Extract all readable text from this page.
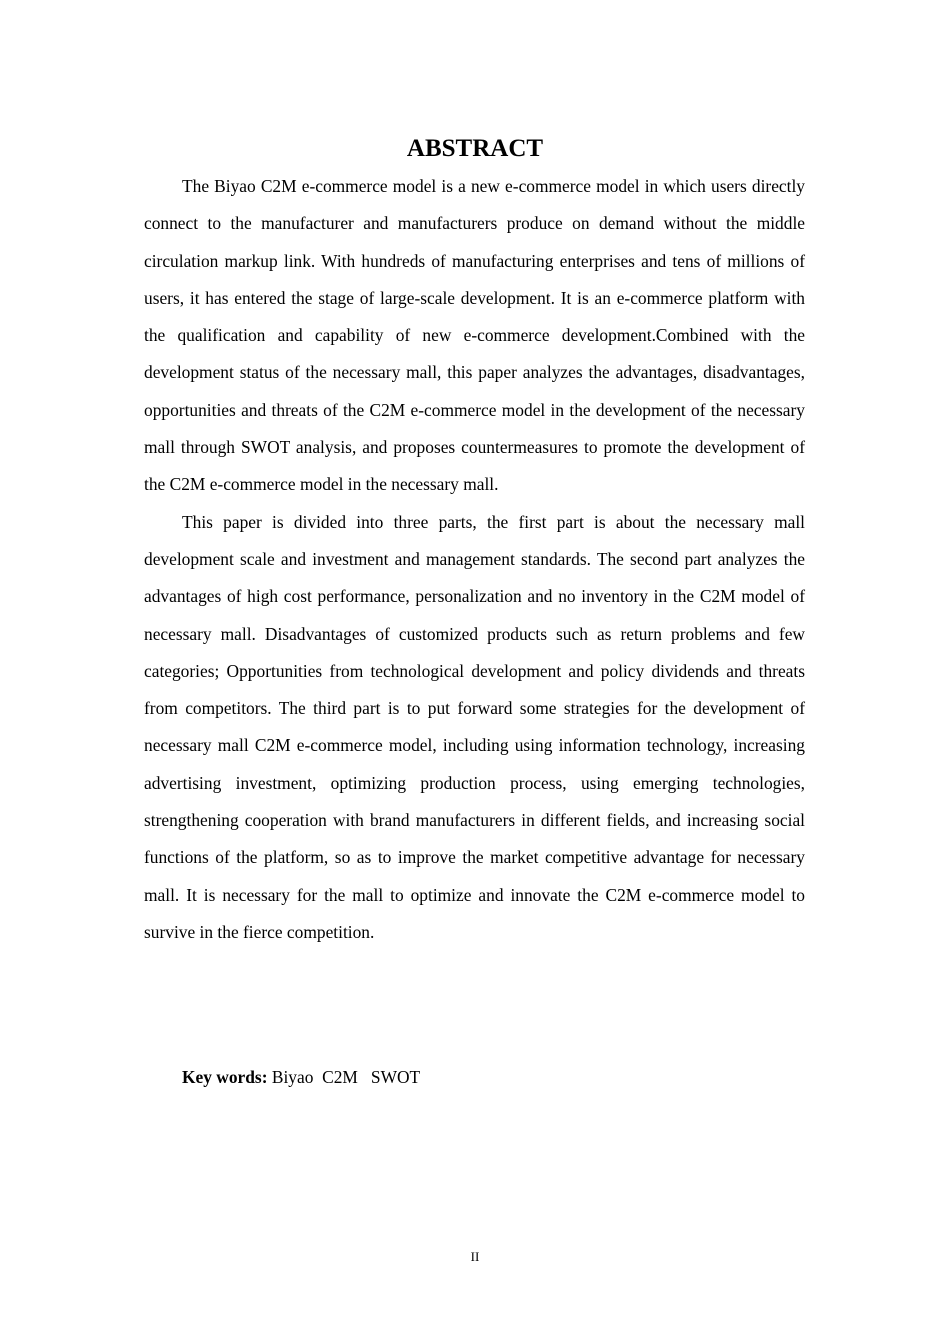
ABSTRACT

The Biyao C2M e-commerce model is a new e-commerce model in which users directly connect to the manufacturer and manufacturers produce on demand without the middle circulation markup link. With hundreds of manufacturing enterprises and tens of millions of users, it has entered the stage of large-scale development. It is an e-commerce platform with the qualification and capability of new e-commerce development.Combined with the development status of the necessary mall, this paper analyzes the advantages, disadvantages, opportunities and threats of the C2M e-commerce model in the development of the necessary mall through SWOT analysis, and proposes countermeasures to promote the development of the C2M e-commerce model in the necessary mall.

This paper is divided into three parts, the first part is about the necessary mall development scale and investment and management standards. The second part analyzes the advantages of high cost performance, personalization and no inventory in the C2M model of necessary mall. Disadvantages of customized products such as return problems and few categories; Opportunities from technological development and policy dividends and threats from competitors. The third part is to put forward some strategies for the development of necessary mall C2M e-commerce model, including using information technology, increasing advertising investment, optimizing production process, using emerging technologies, strengthening cooperation with brand manufacturers in different fields, and increasing social functions of the platform, so as to improve the market competitive advantage for necessary mall. It is necessary for the mall to optimize and innovate the C2M e-commerce model to survive in the fierce competition.

Key words: Biyao  C2M   SWOT
II
